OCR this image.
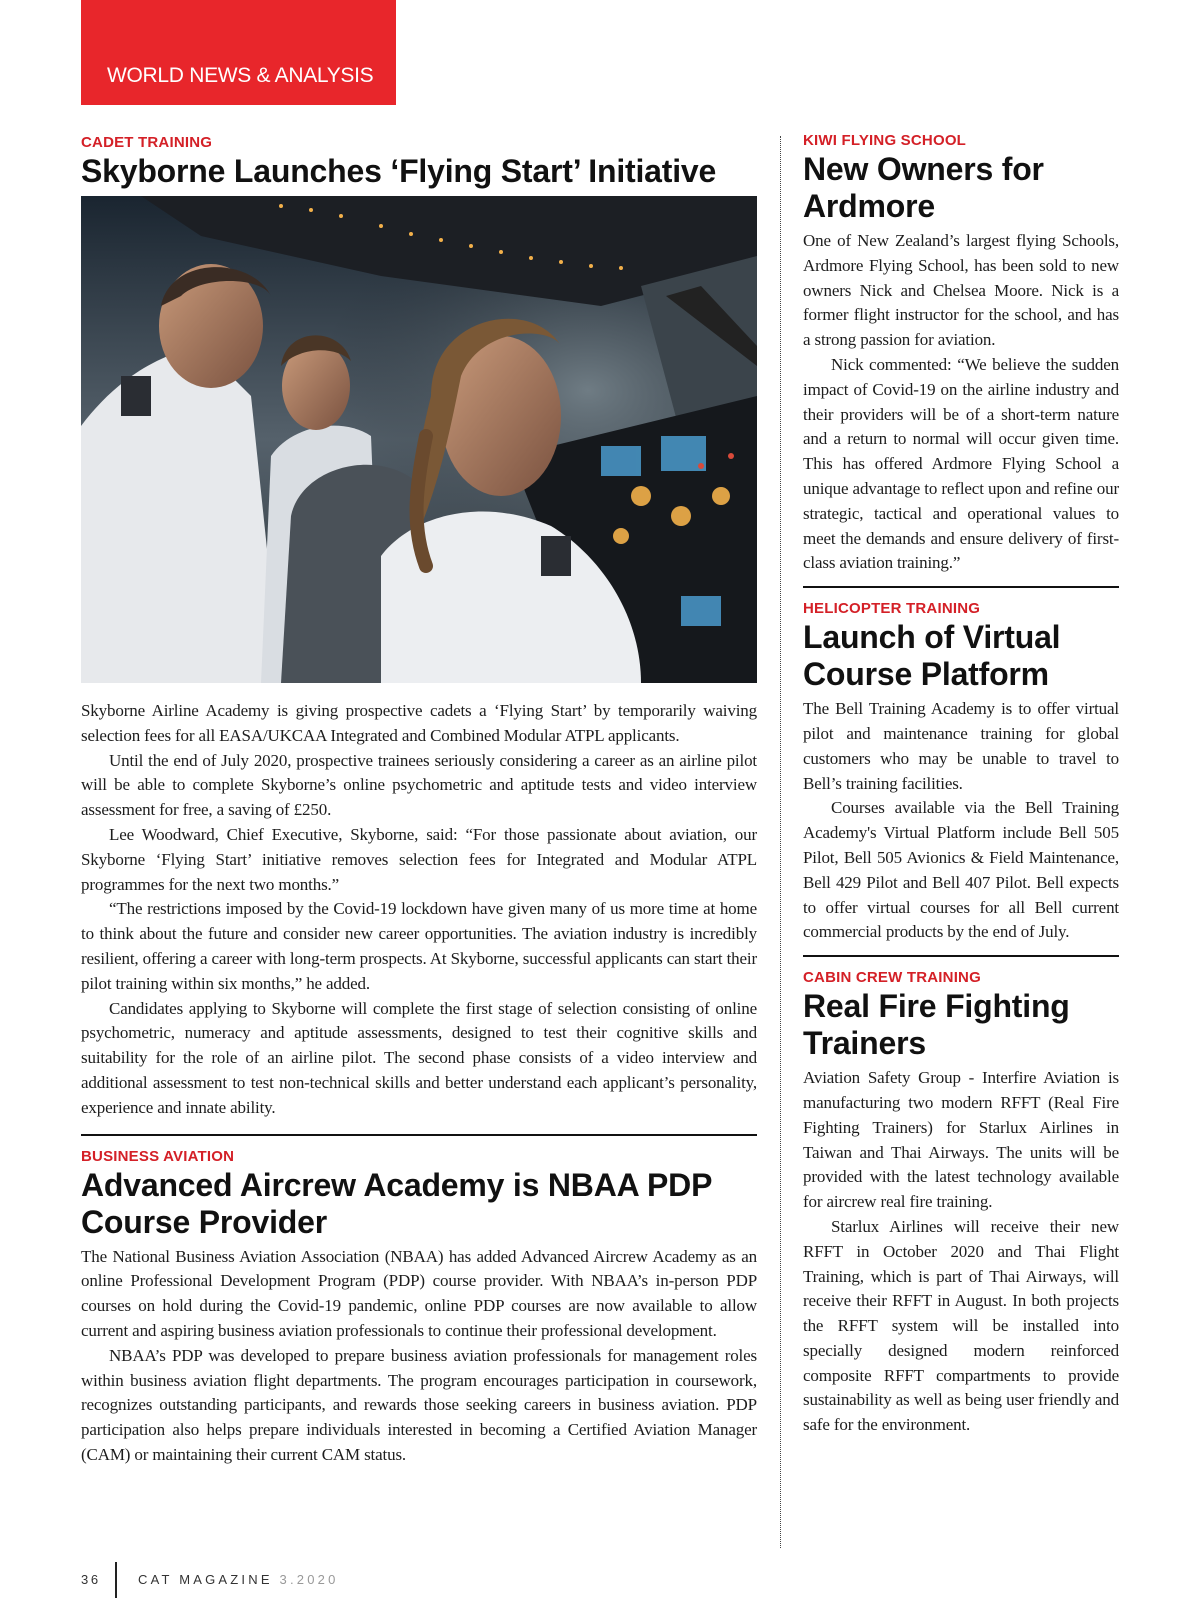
WORLD NEWS & ANALYSIS

CADET TRAINING

Skyborne Launches ‘Flying Start’ Initiative

Skyborne Airline Academy is giving prospective cadets a ‘Flying Start’ by temporarily waiving selection fees for all EASA/UKCAA Integrated and Combined Modular ATPL applicants.

Until the end of July 2020, prospective trainees seriously considering a career as an airline pilot will be able to complete Skyborne’s online psychometric and aptitude tests and video interview assessment for free, a saving of £250.

Lee Woodward, Chief Executive, Skyborne, said: “For those passionate about aviation, our Skyborne ‘Flying Start’ initiative removes selection fees for Integrated and Modular ATPL programmes for the next two months.”

“The restrictions imposed by the Covid-19 lockdown have given many of us more time at home to think about the future and consider new career opportunities. The aviation industry is incredibly resilient, offering a career with long-term prospects. At Skyborne, successful applicants can start their pilot training within six months,” he added.

Candidates applying to Skyborne will complete the first stage of selection consisting of online psychometric, numeracy and aptitude assessments, designed to test their cognitive skills and suitability for the role of an airline pilot. The second phase consists of a video interview and additional assessment to test non-technical skills and better understand each applicant’s personality, experience and innate ability.

BUSINESS AVIATION

Advanced Aircrew Academy is NBAA PDP Course Provider

The National Business Aviation Association (NBAA) has added Advanced Aircrew Academy as an online Professional Development Program (PDP) course provider. With NBAA’s in-person PDP courses on hold during the Covid-19 pandemic, online PDP courses are now available to allow current and aspiring business aviation professionals to continue their professional development.

NBAA’s PDP was developed to prepare business aviation professionals for management roles within business aviation flight departments. The program encourages participation in coursework, recognizes outstanding participants, and rewards those seeking careers in business aviation. PDP participation also helps prepare individuals interested in becoming a Certified Aviation Manager (CAM) or maintaining their current CAM status.

KIWI FLYING SCHOOL

New Owners for Ardmore

One of New Zealand’s largest flying Schools, Ardmore Flying School, has been sold to new owners Nick and Chelsea Moore. Nick is a former flight instructor for the school, and has a strong passion for aviation.

Nick commented: “We believe the sudden impact of Covid-19 on the airline industry and their providers will be of a short-term nature and a return to normal will occur given time. This has offered Ardmore Flying School a unique advantage to reflect upon and refine our strategic, tactical and operational values to meet the demands and ensure delivery of first-class aviation training.”

HELICOPTER TRAINING

Launch of Virtual Course Platform

The Bell Training Academy is to offer virtual pilot and maintenance training for global customers who may be unable to travel to Bell’s training facilities.

Courses available via the Bell Training Academy's Virtual Platform include Bell 505 Pilot, Bell 505 Avionics & Field Maintenance, Bell 429 Pilot and Bell 407 Pilot. Bell expects to offer virtual courses for all Bell current commercial products by the end of July.

CABIN CREW TRAINING

Real Fire Fighting Trainers

Aviation Safety Group - Interfire Aviation is manufacturing two modern RFFT (Real Fire Fighting Trainers) for Starlux Airlines in Taiwan and Thai Airways. The units will be provided with the latest technology available for aircrew real fire training.

Starlux Airlines will receive their new RFFT in October 2020 and Thai Flight Training, which is part of Thai Airways, will receive their RFFT in August. In both projects the RFFT system will be installed into specially designed modern reinforced composite RFFT compartments to provide sustainability as well as being user friendly and safe for the environment.

36	CAT MAGAZINE 3.2020
